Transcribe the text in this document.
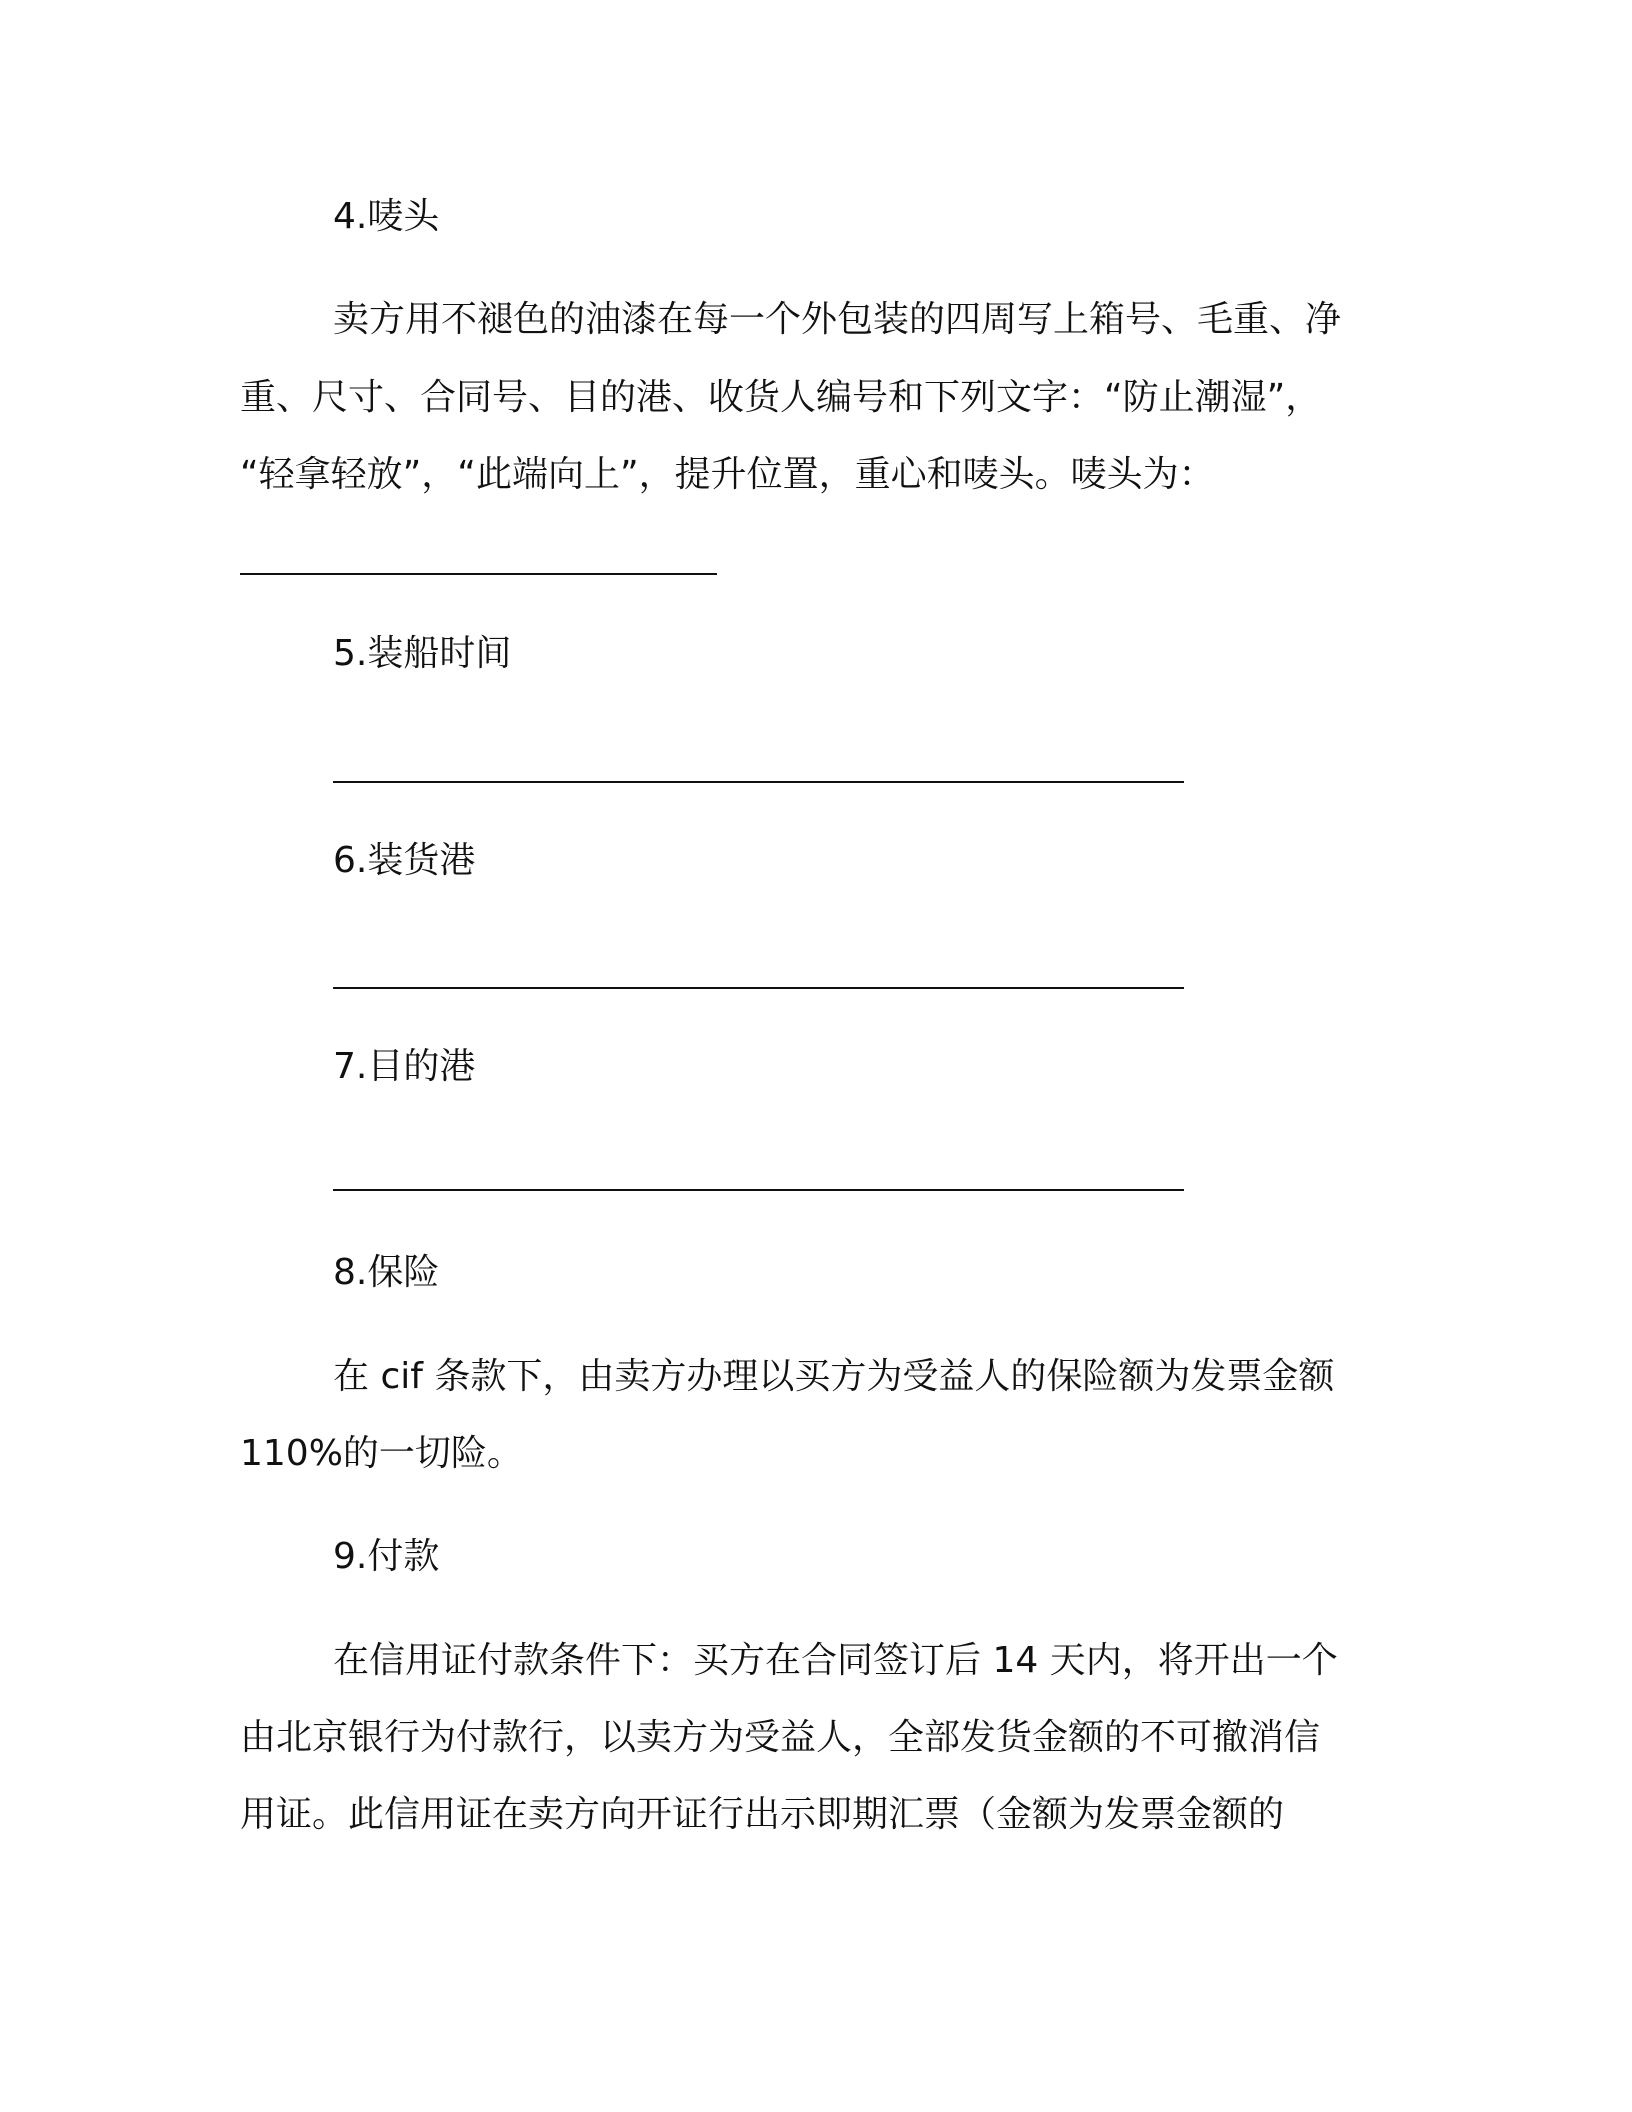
4.唛头

卖方用不褪色的油漆在每一个外包装的四周写上箱号、毛重、净

重、尺寸、合同号、目的港、收货人编号和下列文字：“防止潮湿”，

“轻拿轻放”，“此端向上”，提升位置，重心和唛头。唛头为：

5.装船时间

6.装货港

7.目的港

8.保险

在 cif 条款下，由卖方办理以买方为受益人的保险额为发票金额

110%的一切险。

9.付款

在信用证付款条件下：买方在合同签订后 14 天内，将开出一个

由北京银行为付款行，以卖方为受益人，全部发货金额的不可撤消信

用证。此信用证在卖方向开证行出示即期汇票（金额为发票金额的
